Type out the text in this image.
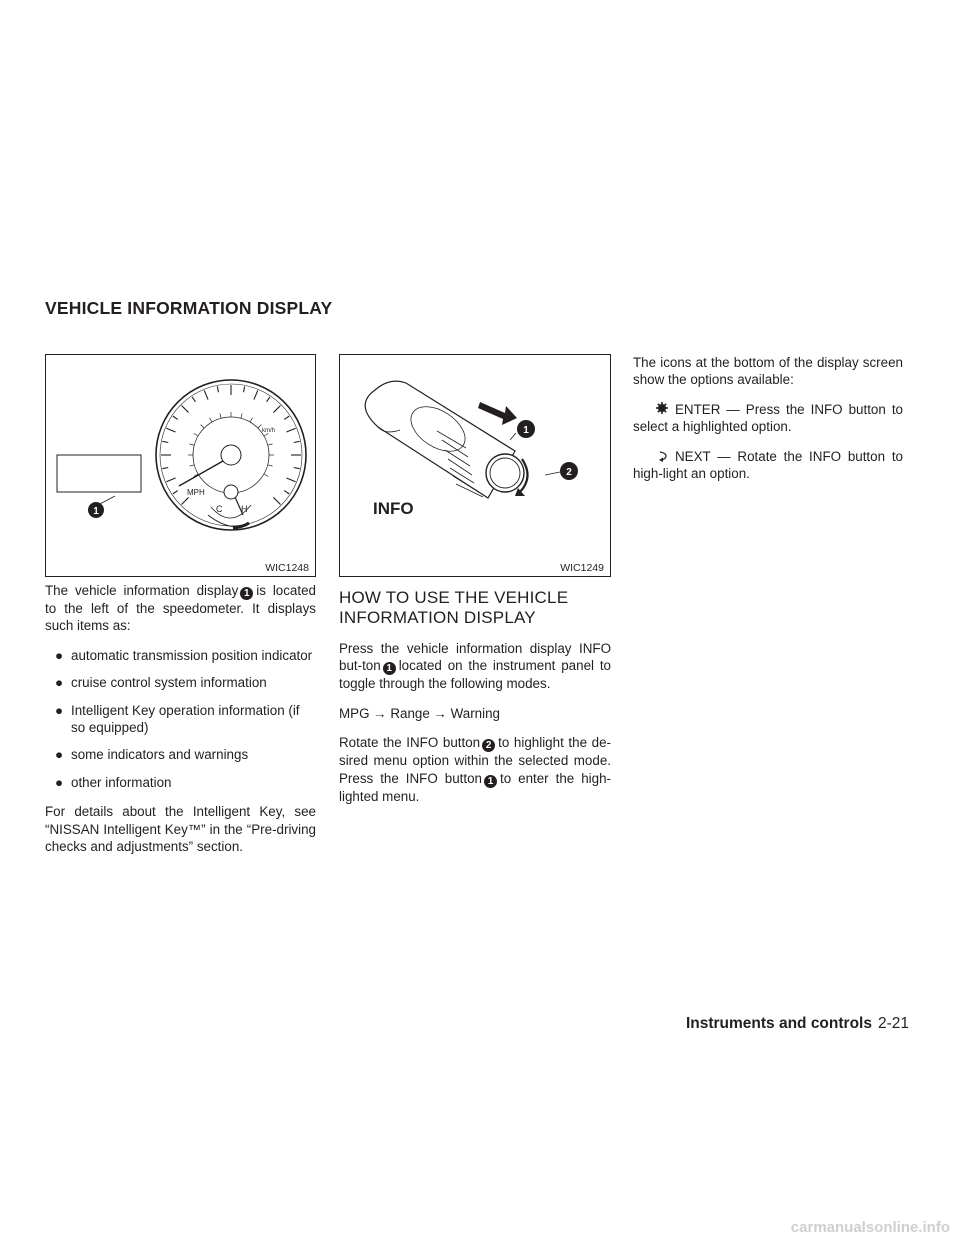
VEHICLE INFORMATION DISPLAY
1
km/h
MPH
C H
WIC1248
1
2
INFO
WIC1249

The vehicle information display 1 is located to the left of the speedometer. It displays such items as:

● automatic transmission position indicator
● cruise control system information
● Intelligent Key operation information (if so equipped)
● some indicators and warnings
● other information

For details about the Intelligent Key, see “NISSAN Intelligent Key™” in the “Pre-driving checks and adjustments” section.

HOW TO USE THE VEHICLE INFORMATION DISPLAY

Press the vehicle information display INFO but-ton 1 located on the instrument panel to toggle through the following modes.

MPG → Range → Warning

Rotate the INFO button 2 to highlight the de-sired menu option within the selected mode. Press the INFO button 1 to enter the high-lighted menu.

The icons at the bottom of the display screen show the options available:

ENTER — Press the INFO button to select a highlighted option.

NEXT — Rotate the INFO button to high-light an option.

Instruments and controls 2-21
carmanualsonline.info
